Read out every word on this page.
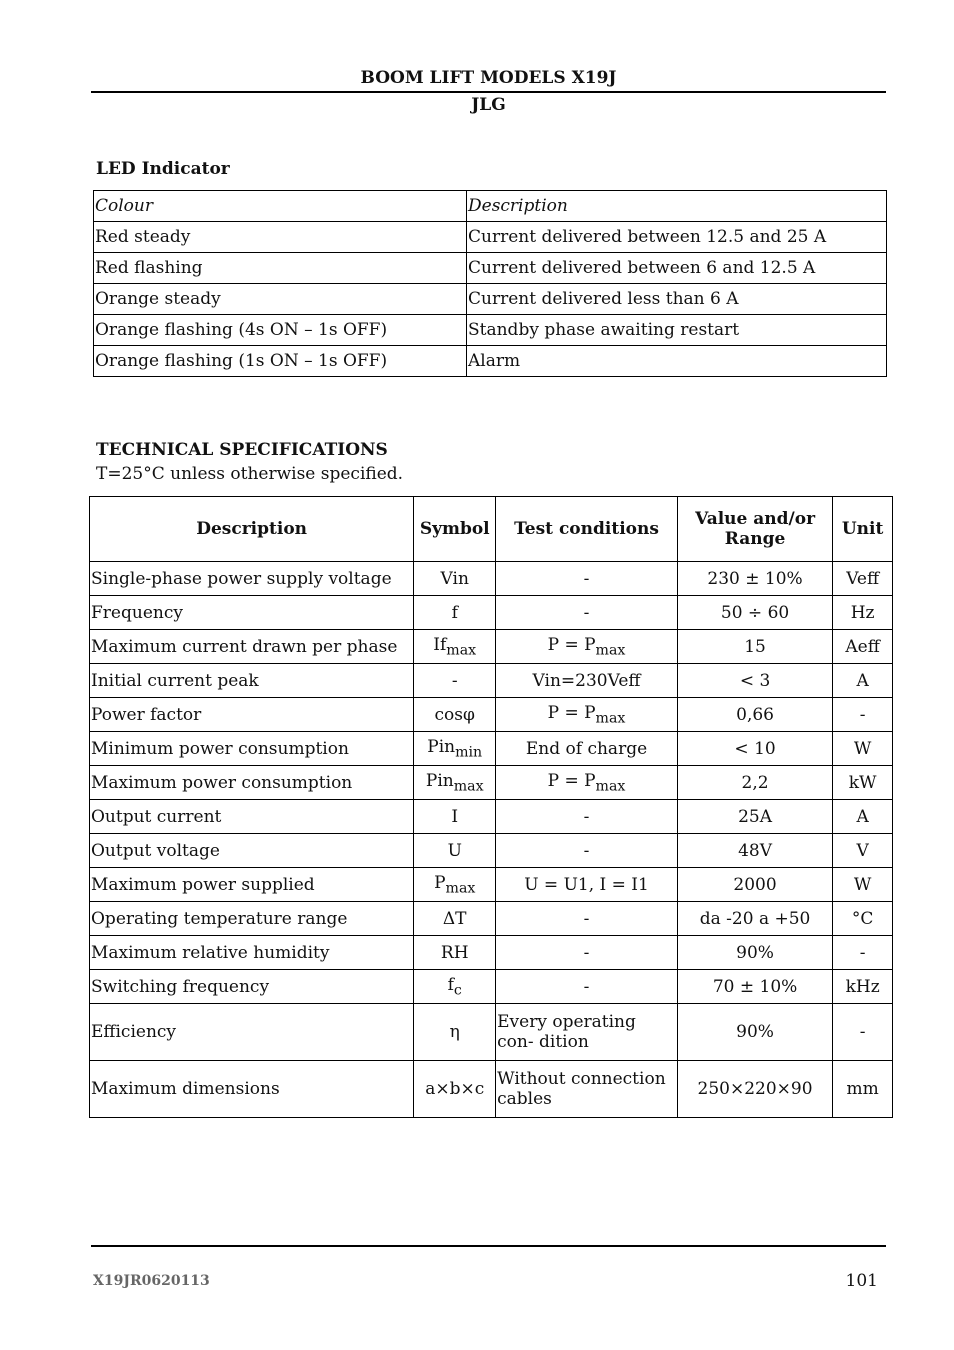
BOOM LIFT MODELS X19J
JLG
LED Indicator
Colour	Description
Red steady	Current delivered between 12.5 and 25 A
Red flashing	Current delivered between 6 and 12.5 A
Orange steady	Current delivered less than 6 A
Orange flashing (4s ON – 1s OFF)	Standby phase awaiting restart
Orange flashing (1s ON – 1s OFF)	Alarm
TECHNICAL SPECIFICATIONS
T=25°C unless otherwise specified.
Description	Symbol	Test conditions	Value and/or Range	Unit
Single-phase power supply voltage	Vin	-	230 ± 10%	Veff
Frequency	f	-	50 ÷ 60	Hz
Maximum current drawn per phase	$If_{max}$	$P = P_{max}$	15	Aeff
Initial current peak	-	Vin=230Veff	< 3	A
Power factor	cosφ	$P = P_{max}$	0,66	-
Minimum power consumption	Pin$_{min}$	End of charge	< 10	W
Maximum power consumption	Pin$_{max}$	$P = P_{max}$	2,2	kW
Output current	I	-	25A	A
Output voltage	U	-	48V	V
Maximum power supplied	$P_{max}$	U = U1, I = I1	2000	W
Operating temperature range	ΔT	-	da -20 a +50	°C
Maximum relative humidity	RH	-	90%	-
Switching frequency	$f_c$	-	70 ± 10%	kHz
Efficiency	η	Every operating con- dition	90%	-
Maximum dimensions	a×b×c	Without connection cables	250×220×90	mm
X19JR0620113	101
